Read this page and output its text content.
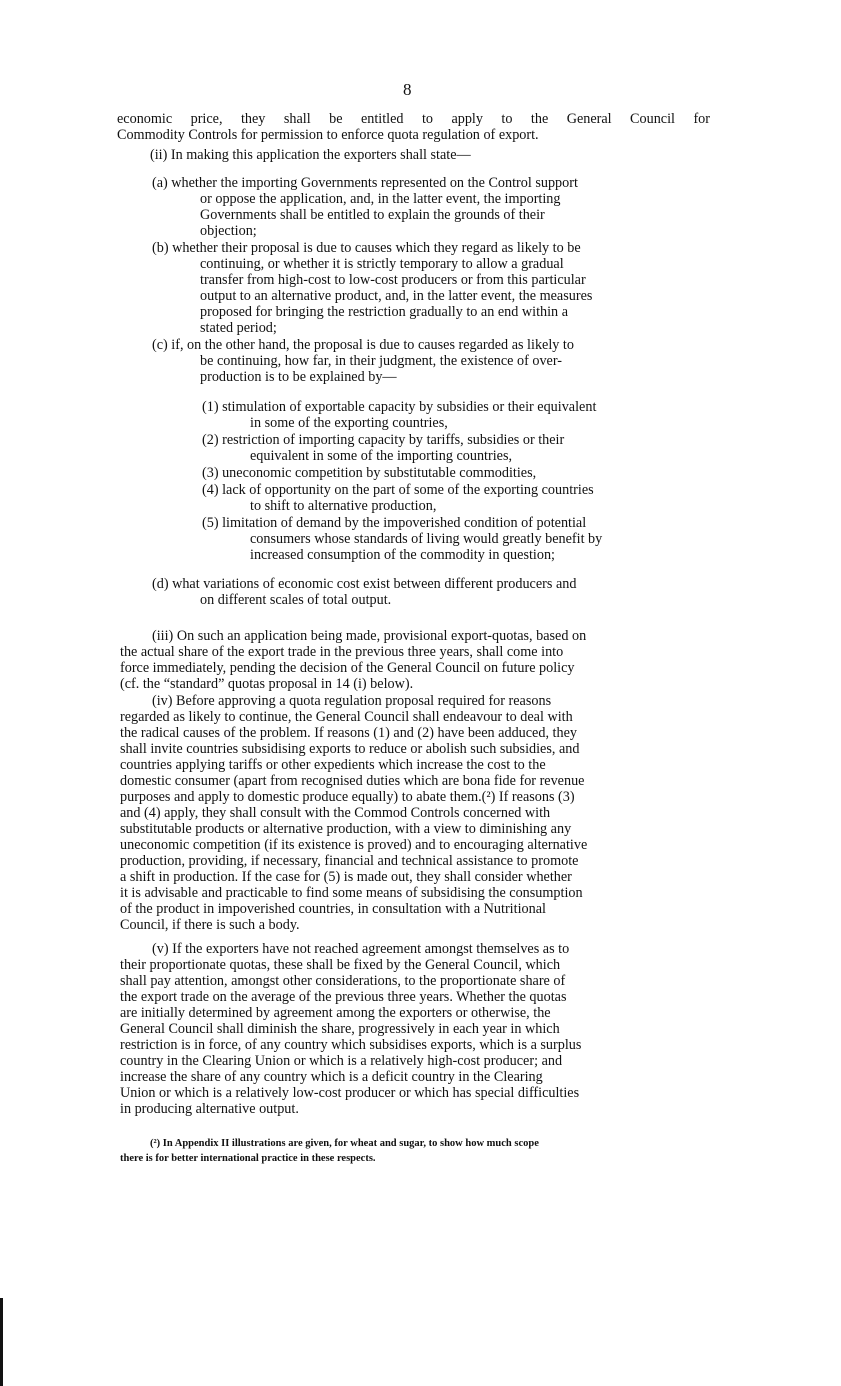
8
economic price, they shall be entitled to apply to the General Council for
Commodity Controls for permission to enforce quota regulation of export.
(ii) In making this application the exporters shall state—
(a) whether the importing Governments represented on the Control support
or oppose the application, and, in the latter event, the importing
Governments shall be entitled to explain the grounds of their
objection;
(b) whether their proposal is due to causes which they regard as likely to be
continuing, or whether it is strictly temporary to allow a gradual
transfer from high-cost to low-cost producers or from this particular
output to an alternative product, and, in the latter event, the measures
proposed for bringing the restriction gradually to an end within a
stated period;
(c) if, on the other hand, the proposal is due to causes regarded as likely to
be continuing, how far, in their judgment, the existence of over-
production is to be explained by—
(1) stimulation of exportable capacity by subsidies or their equivalent
in some of the exporting countries,
(2) restriction of importing capacity by tariffs, subsidies or their
equivalent in some of the importing countries,
(3) uneconomic competition by substitutable commodities,
(4) lack of opportunity on the part of some of the exporting countries
to shift to alternative production,
(5) limitation of demand by the impoverished condition of potential
consumers whose standards of living would greatly benefit by
increased consumption of the commodity in question;
(d) what variations of economic cost exist between different producers and
on different scales of total output.
(iii) On such an application being made, provisional export-quotas, based on
the actual share of the export trade in the previous three years, shall come into
force immediately, pending the decision of the General Council on future policy
(cf. the “standard” quotas proposal in 14 (i) below).
(iv) Before approving a quota regulation proposal required for reasons
regarded as likely to continue, the General Council shall endeavour to deal with
the radical causes of the problem. If reasons (1) and (2) have been adduced, they
shall invite countries subsidising exports to reduce or abolish such subsidies, and
countries applying tariffs or other expedients which increase the cost to the
domestic consumer (apart from recognised duties which are bona fide for revenue
purposes and apply to domestic produce equally) to abate them.(²) If reasons (3)
and (4) apply, they shall consult with the Commod Controls concerned with
substitutable products or alternative production, with a view to diminishing any
uneconomic competition (if its existence is proved) and to encouraging alternative
production, providing, if necessary, financial and technical assistance to promote
a shift in production. If the case for (5) is made out, they shall consider whether
it is advisable and practicable to find some means of subsidising the consumption
of the product in impoverished countries, in consultation with a Nutritional
Council, if there is such a body.
(v) If the exporters have not reached agreement amongst themselves as to
their proportionate quotas, these shall be fixed by the General Council, which
shall pay attention, amongst other considerations, to the proportionate share of
the export trade on the average of the previous three years. Whether the quotas
are initially determined by agreement among the exporters or otherwise, the
General Council shall diminish the share, progressively in each year in which
restriction is in force, of any country which subsidises exports, which is a surplus
country in the Clearing Union or which is a relatively high-cost producer; and
increase the share of any country which is a deficit country in the Clearing
Union or which is a relatively low-cost producer or which has special difficulties
in producing alternative output.
(²) In Appendix II illustrations are given, for wheat and sugar, to show how much scope
there is for better international practice in these respects.
